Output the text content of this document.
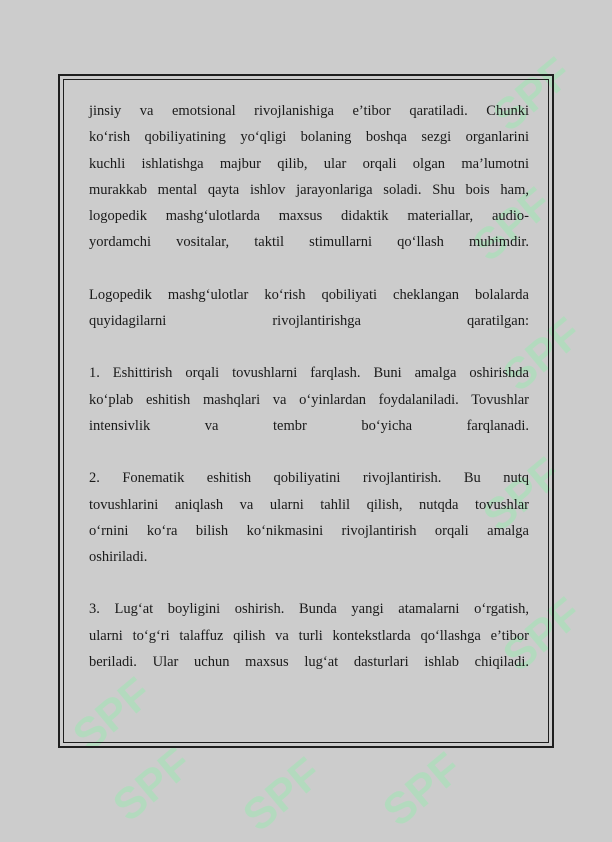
SPF
SPF
SPF
SPF
SPF
SPF
SPF SPF SPF
jinsiy va emotsional rivojlanishiga e’tibor qaratiladi. Chunki
ko‘rish qobiliyatining yo‘qligi bolaning boshqa sezgi organlarini
kuchli ishlatishga majbur qilib, ular orqali olgan ma’lumotni
murakkab mental qayta ishlov jarayonlariga soladi. Shu bois ham,
logopedik mashg‘ulotlarda maxsus didaktik materiallar, audio-
yordamchi vositalar, taktil stimullarni qo‘llash muhimdir.
Logopedik mashg‘ulotlar ko‘rish qobiliyati cheklangan bolalarda
quyidagilarni rivojlantirishga qaratilgan:
1. Eshittirish orqali tovushlarni farqlash. Buni amalga oshirishda
ko‘plab eshitish mashqlari va o‘yinlardan foydalaniladi. Tovushlar
intensivlik va tembr bo‘yicha farqlanadi.
2. Fonematik eshitish qobiliyatini rivojlantirish. Bu nutq
tovushlarini aniqlash va ularni tahlil qilish, nutqda tovushlar
o‘rnini ko‘ra bilish ko‘nikmasini rivojlantirish orqali amalga
oshiriladi.
3. Lug‘at boyligini oshirish. Bunda yangi atamalarni o‘rgatish,
ularni to‘g‘ri talaffuz qilish va turli kontekstlarda qo‘llashga e’tibor
beriladi. Ular uchun maxsus lug‘at dasturlari ishlab chiqiladi.
